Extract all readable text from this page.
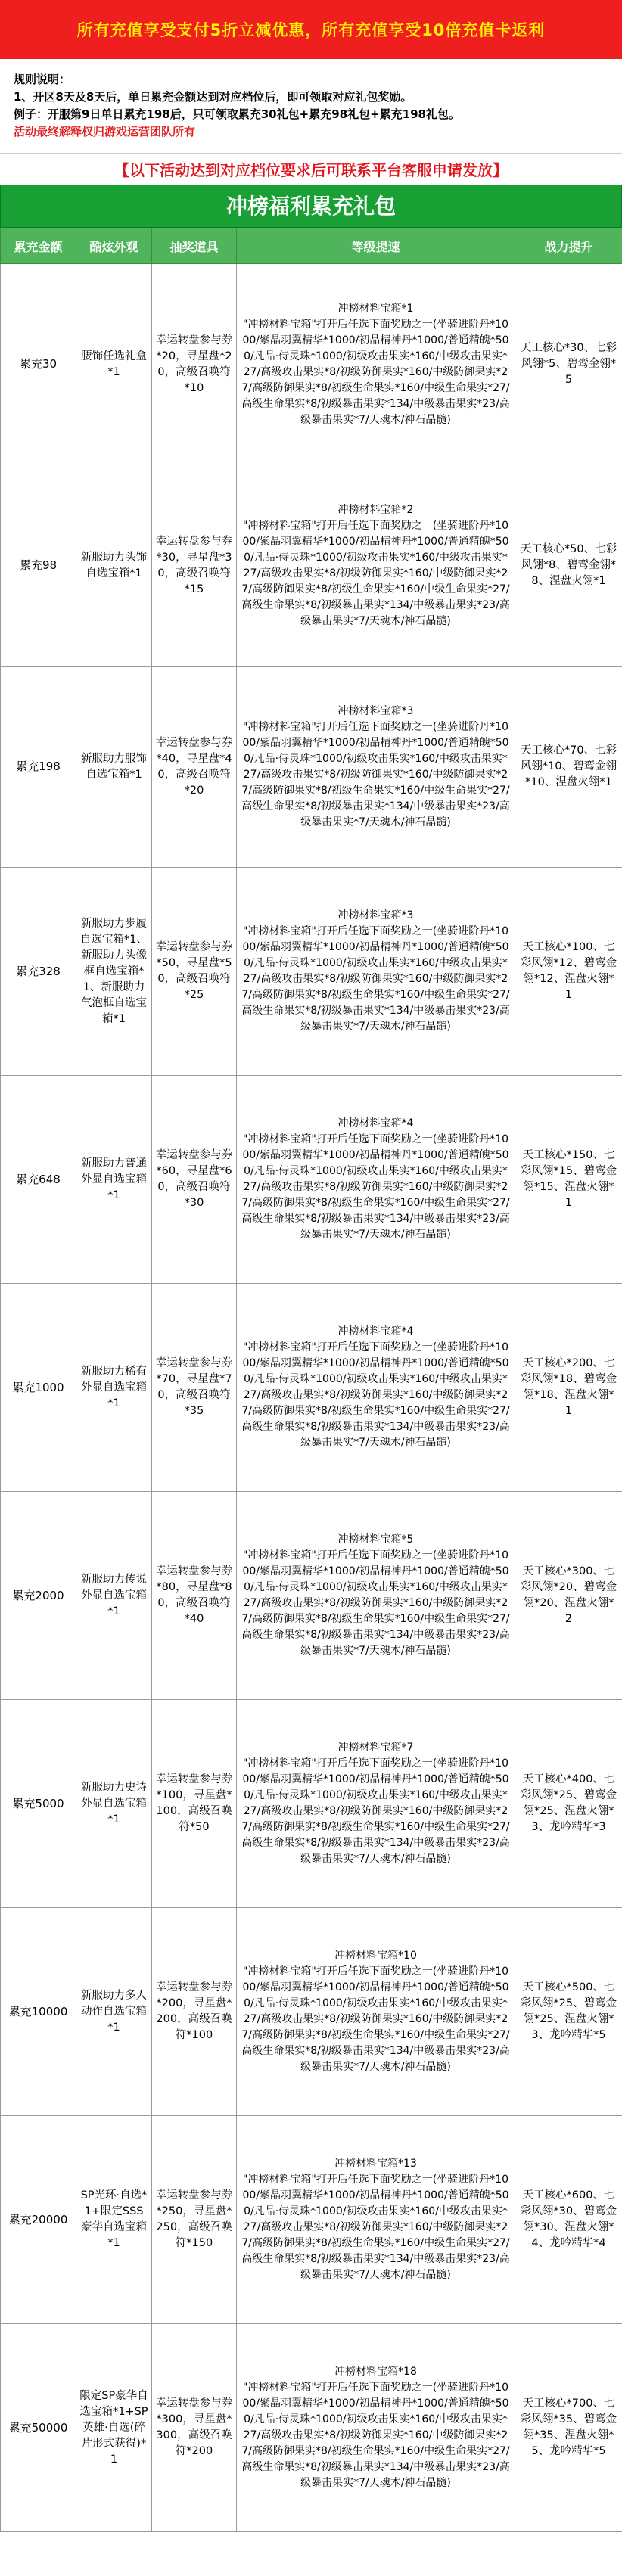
所有充值享受支付5折立减优惠，所有充值享受10倍充值卡返利
规则说明：
1、开区8天及8天后，单日累充金额达到对应档位后，即可领取对应礼包奖励。
例子：开服第9日单日累充198后，只可领取累充30礼包+累充98礼包+累充198礼包。
活动最终解释权归游戏运营团队所有
【以下活动达到对应档位要求后可联系平台客服申请发放】
冲榜福利累充礼包
累充金额	酷炫外观	抽奖道具	等级提速	战力提升
累充30	腰饰任选礼盒*1	幸运转盘参与券*20，寻星盘*20，高级召唤符*10	冲榜材料宝箱*1
"冲榜材料宝箱"打开后任选下面奖励之一(坐骑进阶丹*1000/紫晶羽翼精华*1000/初品精神丹*1000/普通精魄*500/凡品·侍灵珠*1000/初级攻击果实*160/中级攻击果实*27/高级攻击果实*8/初级防御果实*160/中级防御果实*27/高级防御果实*8/初级生命果实*160/中级生命果实*27/高级生命果实*8/初级暴击果实*134/中级暴击果实*23/高级暴击果实*7/天魂木/神石晶髓)	天工核心*30、七彩风翎*5、碧鸾金翎*5
累充98	新服助力头饰自选宝箱*1	幸运转盘参与券*30，寻星盘*30，高级召唤符*15	冲榜材料宝箱*2
"冲榜材料宝箱"打开后任选下面奖励之一(坐骑进阶丹*1000/紫晶羽翼精华*1000/初品精神丹*1000/普通精魄*500/凡品·侍灵珠*1000/初级攻击果实*160/中级攻击果实*27/高级攻击果实*8/初级防御果实*160/中级防御果实*27/高级防御果实*8/初级生命果实*160/中级生命果实*27/高级生命果实*8/初级暴击果实*134/中级暴击果实*23/高级暴击果实*7/天魂木/神石晶髓)	天工核心*50、七彩风翎*8、碧鸾金翎*8、涅盘火翎*1
累充198	新服助力服饰自选宝箱*1	幸运转盘参与券*40，寻星盘*40，高级召唤符*20	冲榜材料宝箱*3
"冲榜材料宝箱"打开后任选下面奖励之一(坐骑进阶丹*1000/紫晶羽翼精华*1000/初品精神丹*1000/普通精魄*500/凡品·侍灵珠*1000/初级攻击果实*160/中级攻击果实*27/高级攻击果实*8/初级防御果实*160/中级防御果实*27/高级防御果实*8/初级生命果实*160/中级生命果实*27/高级生命果实*8/初级暴击果实*134/中级暴击果实*23/高级暴击果实*7/天魂木/神石晶髓)	天工核心*70、七彩风翎*10、碧鸾金翎*10、涅盘火翎*1
累充328	新服助力步履自选宝箱*1、新服助力头像框自选宝箱*1、新服助力气泡框自选宝箱*1	幸运转盘参与券*50，寻星盘*50，高级召唤符*25	冲榜材料宝箱*3
"冲榜材料宝箱"打开后任选下面奖励之一(坐骑进阶丹*1000/紫晶羽翼精华*1000/初品精神丹*1000/普通精魄*500/凡品·侍灵珠*1000/初级攻击果实*160/中级攻击果实*27/高级攻击果实*8/初级防御果实*160/中级防御果实*27/高级防御果实*8/初级生命果实*160/中级生命果实*27/高级生命果实*8/初级暴击果实*134/中级暴击果实*23/高级暴击果实*7/天魂木/神石晶髓)	天工核心*100、七彩风翎*12、碧鸾金翎*12、涅盘火翎*1
累充648	新服助力普通外显自选宝箱*1	幸运转盘参与券*60，寻星盘*60，高级召唤符*30	冲榜材料宝箱*4
"冲榜材料宝箱"打开后任选下面奖励之一(坐骑进阶丹*1000/紫晶羽翼精华*1000/初品精神丹*1000/普通精魄*500/凡品·侍灵珠*1000/初级攻击果实*160/中级攻击果实*27/高级攻击果实*8/初级防御果实*160/中级防御果实*27/高级防御果实*8/初级生命果实*160/中级生命果实*27/高级生命果实*8/初级暴击果实*134/中级暴击果实*23/高级暴击果实*7/天魂木/神石晶髓)	天工核心*150、七彩风翎*15、碧鸾金翎*15、涅盘火翎*1
累充1000	新服助力稀有外显自选宝箱*1	幸运转盘参与券*70，寻星盘*70，高级召唤符*35	冲榜材料宝箱*4
"冲榜材料宝箱"打开后任选下面奖励之一(坐骑进阶丹*1000/紫晶羽翼精华*1000/初品精神丹*1000/普通精魄*500/凡品·侍灵珠*1000/初级攻击果实*160/中级攻击果实*27/高级攻击果实*8/初级防御果实*160/中级防御果实*27/高级防御果实*8/初级生命果实*160/中级生命果实*27/高级生命果实*8/初级暴击果实*134/中级暴击果实*23/高级暴击果实*7/天魂木/神石晶髓)	天工核心*200、七彩风翎*18、碧鸾金翎*18、涅盘火翎*1
累充2000	新服助力传说外显自选宝箱*1	幸运转盘参与券*80，寻星盘*80，高级召唤符*40	冲榜材料宝箱*5
"冲榜材料宝箱"打开后任选下面奖励之一(坐骑进阶丹*1000/紫晶羽翼精华*1000/初品精神丹*1000/普通精魄*500/凡品·侍灵珠*1000/初级攻击果实*160/中级攻击果实*27/高级攻击果实*8/初级防御果实*160/中级防御果实*27/高级防御果实*8/初级生命果实*160/中级生命果实*27/高级生命果实*8/初级暴击果实*134/中级暴击果实*23/高级暴击果实*7/天魂木/神石晶髓)	天工核心*300、七彩风翎*20、碧鸾金翎*20、涅盘火翎*2
累充5000	新服助力史诗外显自选宝箱*1	幸运转盘参与券*100，寻星盘*100，高级召唤符*50	冲榜材料宝箱*7
"冲榜材料宝箱"打开后任选下面奖励之一(坐骑进阶丹*1000/紫晶羽翼精华*1000/初品精神丹*1000/普通精魄*500/凡品·侍灵珠*1000/初级攻击果实*160/中级攻击果实*27/高级攻击果实*8/初级防御果实*160/中级防御果实*27/高级防御果实*8/初级生命果实*160/中级生命果实*27/高级生命果实*8/初级暴击果实*134/中级暴击果实*23/高级暴击果实*7/天魂木/神石晶髓)	天工核心*400、七彩风翎*25、碧鸾金翎*25、涅盘火翎*3、龙吟精华*3
累充10000	新服助力多人动作自选宝箱*1	幸运转盘参与券*200，寻星盘*200，高级召唤符*100	冲榜材料宝箱*10
"冲榜材料宝箱"打开后任选下面奖励之一(坐骑进阶丹*1000/紫晶羽翼精华*1000/初品精神丹*1000/普通精魄*500/凡品·侍灵珠*1000/初级攻击果实*160/中级攻击果实*27/高级攻击果实*8/初级防御果实*160/中级防御果实*27/高级防御果实*8/初级生命果实*160/中级生命果实*27/高级生命果实*8/初级暴击果实*134/中级暴击果实*23/高级暴击果实*7/天魂木/神石晶髓)	天工核心*500、七彩风翎*25、碧鸾金翎*25、涅盘火翎*3、龙吟精华*5
累充20000	SP光环·自选*1+限定SSS豪华自选宝箱*1	幸运转盘参与券*250，寻星盘*250，高级召唤符*150	冲榜材料宝箱*13
"冲榜材料宝箱"打开后任选下面奖励之一(坐骑进阶丹*1000/紫晶羽翼精华*1000/初品精神丹*1000/普通精魄*500/凡品·侍灵珠*1000/初级攻击果实*160/中级攻击果实*27/高级攻击果实*8/初级防御果实*160/中级防御果实*27/高级防御果实*8/初级生命果实*160/中级生命果实*27/高级生命果实*8/初级暴击果实*134/中级暴击果实*23/高级暴击果实*7/天魂木/神石晶髓)	天工核心*600、七彩风翎*30、碧鸾金翎*30、涅盘火翎*4、龙吟精华*4
累充50000	限定SP豪华自选宝箱*1+SP英雄·自选(碎片形式获得)*1	幸运转盘参与券*300，寻星盘*300，高级召唤符*200	冲榜材料宝箱*18
"冲榜材料宝箱"打开后任选下面奖励之一(坐骑进阶丹*1000/紫晶羽翼精华*1000/初品精神丹*1000/普通精魄*500/凡品·侍灵珠*1000/初级攻击果实*160/中级攻击果实*27/高级攻击果实*8/初级防御果实*160/中级防御果实*27/高级防御果实*8/初级生命果实*160/中级生命果实*27/高级生命果实*8/初级暴击果实*134/中级暴击果实*23/高级暴击果实*7/天魂木/神石晶髓)	天工核心*700、七彩风翎*35、碧鸾金翎*35、涅盘火翎*5、龙吟精华*5
